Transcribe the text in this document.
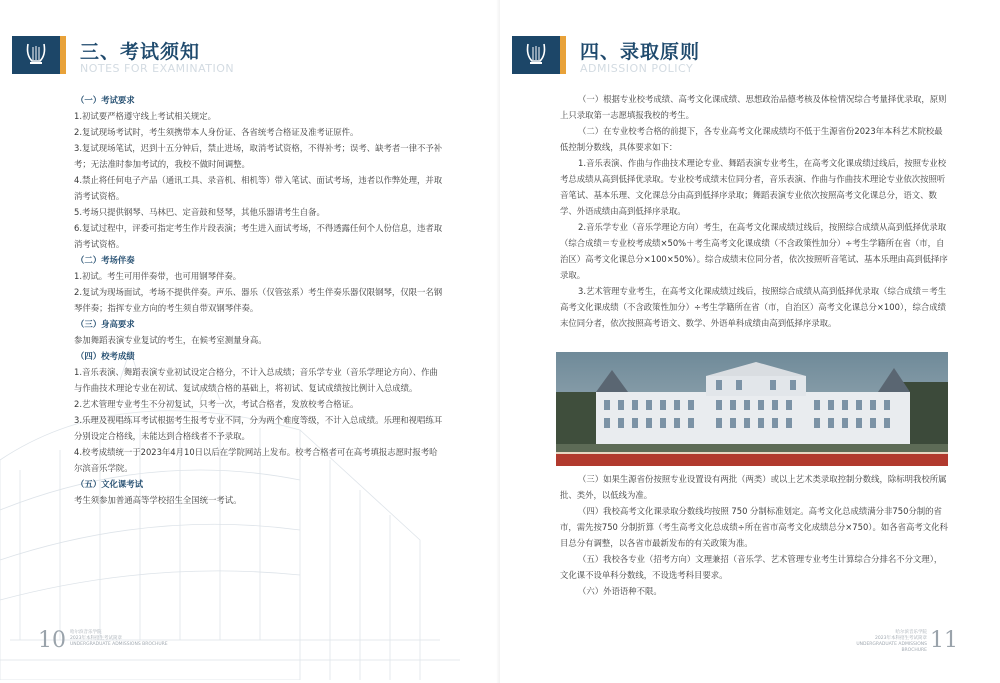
三、考试须知
NOTES FOR EXAMINATION
（一）考试要求
1.初试要严格遵守线上考试相关规定。
2.复试现场考试时，考生须携带本人身份证、各省统考合格证及准考证原件。
3.复试现场笔试，迟到十五分钟后，禁止进场，取消考试资格，不得补考；误考、缺考者一律不予补考；无法准时参加考试的，我校不做时间调整。
4.禁止将任何电子产品（通讯工具、录音机、相机等）带入笔试、面试考场，违者以作弊处理，并取消考试资格。
5.考场只提供钢琴、马林巴、定音鼓和竖琴，其他乐器请考生自备。
6.复试过程中，评委可指定考生作片段表演；考生进入面试考场，不得透露任何个人份信息，违者取消考试资格。
（二）考场伴奏
1.初试。考生可用伴奏带，也可用钢琴伴奏。
2.复试为现场面试，考场不提供伴奏。声乐、器乐（仅管弦系）考生伴奏乐器仅限钢琴，仅限一名钢琴伴奏；指挥专业方向的考生须自带双钢琴伴奏。
（三）身高要求
参加舞蹈表演专业复试的考生，在候考室测量身高。
（四）校考成绩
1.音乐表演、舞蹈表演专业初试设定合格分，不计入总成绩；音乐学专业（音乐学理论方向）、作曲与作曲技术理论专业在初试、复试成绩合格的基础上，将初试、复试成绩按比例计入总成绩。
2.艺术管理专业考生不分初复试，只考一次，考试合格者，发放校考合格证。
3.乐理及视唱练耳考试根据考生报考专业不同，分为两个难度等级，不计入总成绩。乐理和视唱练耳分别设定合格线，未能达到合格线者不予录取。
4.校考成绩统一于2023年4月10日以后在学院网站上发布。校考合格者可在高考填报志愿时报考哈尔滨音乐学院。
（五）文化课考试
考生须参加普通高等学校招生全国统一考试。
10 哈尔滨音乐学院
2023年本科招生考试简章
UNDERGRADUATE ADMISSIONS BROCHURE
四、录取原则
ADMISSION POLICY
（一）根据专业校考成绩、高考文化课成绩、思想政治品德考核及体检情况综合考量择优录取，原则上只录取第一志愿填报我校的考生。
（二）在专业校考合格的前提下，各专业高考文化课成绩均不低于生源省份2023年本科艺术院校最低控制分数线，具体要求如下：
1.音乐表演、作曲与作曲技术理论专业、舞蹈表演专业考生，在高考文化课成绩过线后，按照专业校考总成绩从高到低择优录取。专业校考成绩末位同分者，音乐表演、作曲与作曲技术理论专业依次按照听音笔试、基本乐理、文化课总分由高到低择序录取；舞蹈表演专业依次按照高考文化课总分，语文、数学、外语成绩由高到低择序录取。
2.音乐学专业（音乐学理论方向）考生，在高考文化课成绩过线后，按照综合成绩从高到低择优录取（综合成绩＝专业校考成绩×50%＋考生高考文化课成绩（不含政策性加分）÷考生学籍所在省（市，自治区）高考文化课总分×100×50%）。综合成绩末位同分者，依次按照听音笔试、基本乐理由高到低择序录取。
3.艺术管理专业考生，在高考文化课成绩过线后，按照综合成绩从高到低择优录取（综合成绩＝考生高考文化课成绩（不含政策性加分）÷考生学籍所在省（市，自治区）高考文化课总分×100），综合成绩末位同分者，依次按照高考语文、数学、外语单科成绩由高到低择序录取。
（三）如果生源省份按照专业设置设有两批（两类）或以上艺术类录取控制分数线，除标明我校所属批、类外，以低线为准。
（四）我校高考文化课录取分数线均按照 750 分制标准划定。高考文化总成绩满分非750分制的省市，需先按750 分制折算（考生高考文化总成绩÷所在省市高考文化成绩总分×750）。如各省高考文化科目总分有调整，以各省市最新发布的有关政策为准。
（五）我校各专业（招考方向）文理兼招（音乐学、艺术管理专业考生计算综合分排名不分文理），文化课不设单科分数线，不设选考科目要求。
（六）外语语种不限。
哈尔滨音乐学院
2023年本科招生考试简章
UNDERGRADUATE ADMISSIONS BROCHURE 11
